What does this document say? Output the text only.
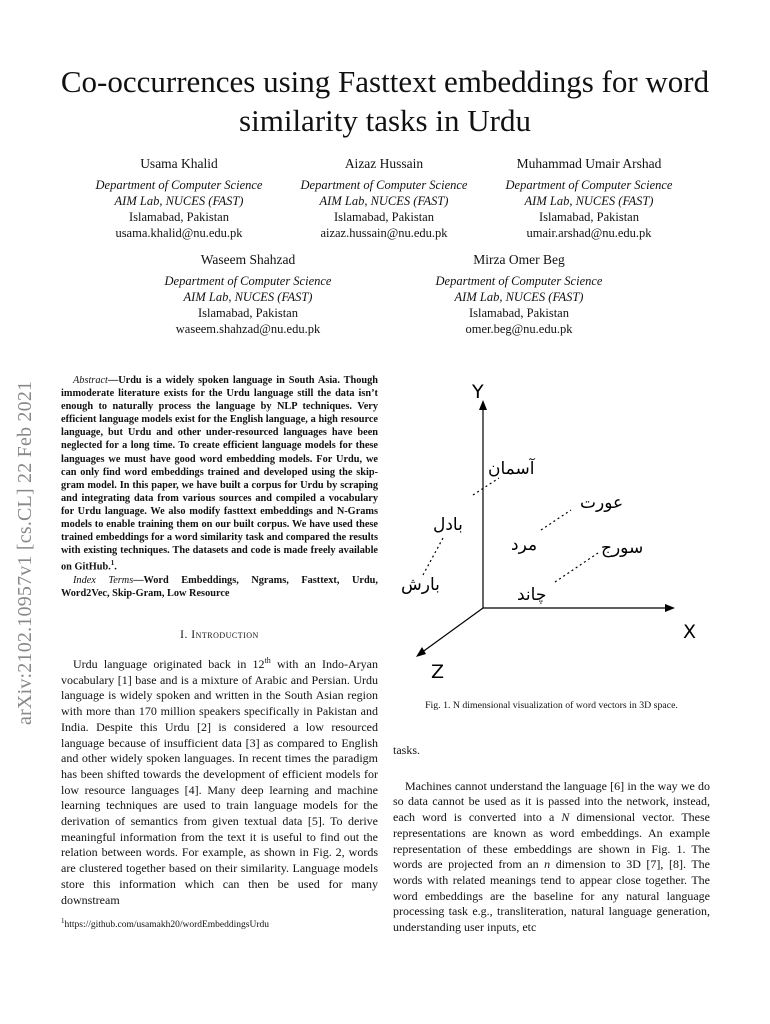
Co-occurrences using Fasttext embeddings for word
similarity tasks in Urdu
Usama Khalid
Department of Computer Science
AIM Lab, NUCES (FAST)
Islamabad, Pakistan
usama.khalid@nu.edu.pk
Aizaz Hussain
Department of Computer Science
AIM Lab, NUCES (FAST)
Islamabad, Pakistan
aizaz.hussain@nu.edu.pk
Muhammad Umair Arshad
Department of Computer Science
AIM Lab, NUCES (FAST)
Islamabad, Pakistan
umair.arshad@nu.edu.pk
Waseem Shahzad
Department of Computer Science
AIM Lab, NUCES (FAST)
Islamabad, Pakistan
waseem.shahzad@nu.edu.pk
Mirza Omer Beg
Department of Computer Science
AIM Lab, NUCES (FAST)
Islamabad, Pakistan
omer.beg@nu.edu.pk
arXiv:2102.10957v1 [cs.CL] 22 Feb 2021

Abstract—Urdu is a widely spoken language in South Asia. Though immoderate literature exists for the Urdu language still the data isn’t enough to naturally process the language by NLP techniques. Very efficient language models exist for the English language, a high resource language, but Urdu and other under-resourced languages have been neglected for a long time. To create efficient language models for these languages we must have good word embedding models. For Urdu, we can only find word embeddings trained and developed using the skip-gram model. In this paper, we have built a corpus for Urdu by scraping and integrating data from various sources and compiled a vocabulary for Urdu language. We also modify fasttext embeddings and N-Grams models to enable training them on our built corpus. We have used these trained embeddings for a word similarity task and compared the results with existing techniques. The datasets and code is made freely available on GitHub.$^1$.

Index Terms—Word Embeddings, Ngrams, Fasttext, Urdu, Word2Vec, Skip-Gram, Low Resource

I. Introduction

Urdu language originated back in 12th with an Indo-Aryan vocabulary [1] base and is a mixture of Arabic and Persian. Urdu language is widely spoken and written in the South Asian region with more than 170 million speakers specifically in Pakistan and India. Despite this Urdu [2] is considered a low resourced language because of insufficient data [3] as compared to English and other widely spoken languages. In recent times the paradigm has been shifted towards the development of efficient models for low resource languages [4]. Many deep learning and machine learning techniques are used to train language models for the derivation of semantics from given textual data [5]. To derive meaningful information from the text it is useful to find out the relation between words. For example, as shown in Fig. 2, words are clustered together based on their similarity. Language models store this information which can then be used for many downstream

$^1$https://github.com/usamakh20/wordEmbeddingsUrdu
Y
X
Z
آسمان
بادل
بارش
عورت
مرد	سورج
چاند
Fig. 1. N dimensional visualization of word vectors in 3D space.
tasks.

Machines cannot understand the language [6] in the way we do so data cannot be used as it is passed into the network, instead, each word is converted into a N dimensional vector. These representations are known as word embeddings. An example representation of these embeddings are shown in Fig. 1. The words are projected from an n dimension to 3D [7], [8]. The words with related meanings tend to appear close together. The word embeddings are the baseline for any natural language processing task e.g., transliteration, natural language generation, understanding user inputs, etc
